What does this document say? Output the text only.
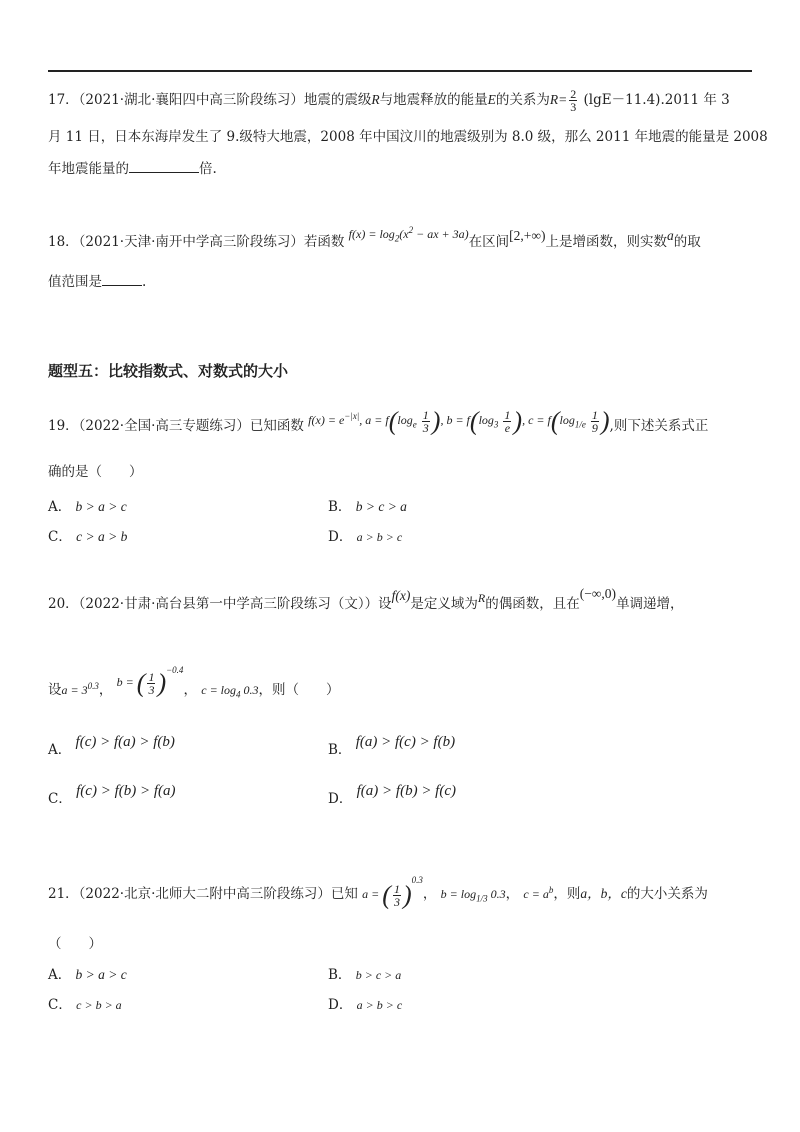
17．（2021·湖北·襄阳四中高三阶段练习）地震的震级R与地震释放的能量E的关系为$R= \frac{2}{3} (\lg E-11.4).2011$ 年 3
月 11 日，日本东海岸发生了 9.级特大地震，2008 年中国汶川的地震级别为 8.0 级，那么 2011 年地震的能量是 2008
年地震能量的	倍.
18．（2021·天津·南开中学高三阶段练习）若函数 $f(x) = \log_2(x^2$ − ax + 3a)在区间[2,+∞)上是增函数，则实数a的取
值范围是	.
题型五：比较指数式、对数式的大小
19．（2022·全国·高三专题练习）已知函数 $f(x) = e^{-|x|}$, $a = f(\log_e \frac{1}{3}$ ), $b = f(\log_3 \frac{1}{e}$ ), $c = f(\log_{1/e} \frac{1}{9}$ ),则下述关系式正
确的是（　　）
A． b > a > c	B． b > c > a
C． c > a > b	D． a > b > c
20．（2022·甘肃·高台县第一中学高三阶段练习（文））设f(x)是定义域为R的偶函数，且在(−∞,0)单调递增，
设$a = 3^{0.3}$， b = ( $\frac{1}{3} )^{-0.4}$， $c = \log_4 0.3$，则（　　）
A． f(c) > f(a) > f(b)	B． f(a) > f(c) > f(b)
C． f(c) > f(b) > f(a)	D． f(a) > f(b) > f(c)
21．（2022·北京·北师大二附中高三阶段练习）已知 a = ( $\frac{1}{3} )^{0.3}$， $b = \log_{1/3} 0.3$， $c = a^b$，则a，b，c的大小关系为
（　　）
A． b > a > c	B． b > c > a
C． c > b > a	D． a > b > c
